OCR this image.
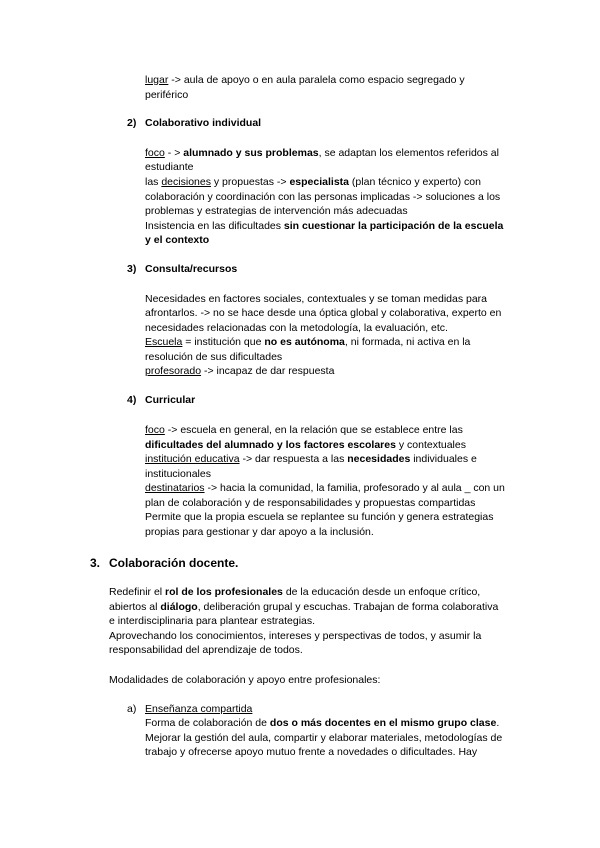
lugar -> aula de apoyo o en aula paralela como espacio segregado y
periférico
2) Colaborativo individual
foco - > alumnado y sus problemas, se adaptan los elementos referidos al
estudiante
las decisiones y propuestas -> especialista (plan técnico y experto) con
colaboración y coordinación con las personas implicadas -> soluciones a los
problemas y estrategias de intervención más adecuadas
Insistencia en las dificultades sin cuestionar la participación de la escuela
y el contexto
3) Consulta/recursos
Necesidades en factores sociales, contextuales y se toman medidas para
afrontarlos. -> no se hace desde una óptica global y colaborativa, experto en
necesidades relacionadas con la metodología, la evaluación, etc.
Escuela = institución que no es autónoma, ni formada, ni activa en la
resolución de sus dificultades
profesorado -> incapaz de dar respuesta
4) Curricular
foco -> escuela en general, en la relación que se establece entre las
dificultades del alumnado y los factores escolares y contextuales
institución educativa -> dar respuesta a las necesidades individuales e
institucionales
destinatarios -> hacia la comunidad, la familia, profesorado y al aula _ con un
plan de colaboración y de responsabilidades y propuestas compartidas
Permite que la propia escuela se replantee su función y genera estrategias
propias para gestionar y dar apoyo a la inclusión.
3. Colaboración docente.
Redefinir el rol de los profesionales de la educación desde un enfoque crítico,
abiertos al diálogo, deliberación grupal y escuchas. Trabajan de forma colaborativa
e interdisciplinaria para plantear estrategias.
Aprovechando los conocimientos, intereses y perspectivas de todos, y asumir la
responsabilidad del aprendizaje de todos.
Modalidades de colaboración y apoyo entre profesionales:
a) Enseñanza compartida
Forma de colaboración de dos o más docentes en el mismo grupo clase.
Mejorar la gestión del aula, compartir y elaborar materiales, metodologías de
trabajo y ofrecerse apoyo mutuo frente a novedades o dificultades. Hay
